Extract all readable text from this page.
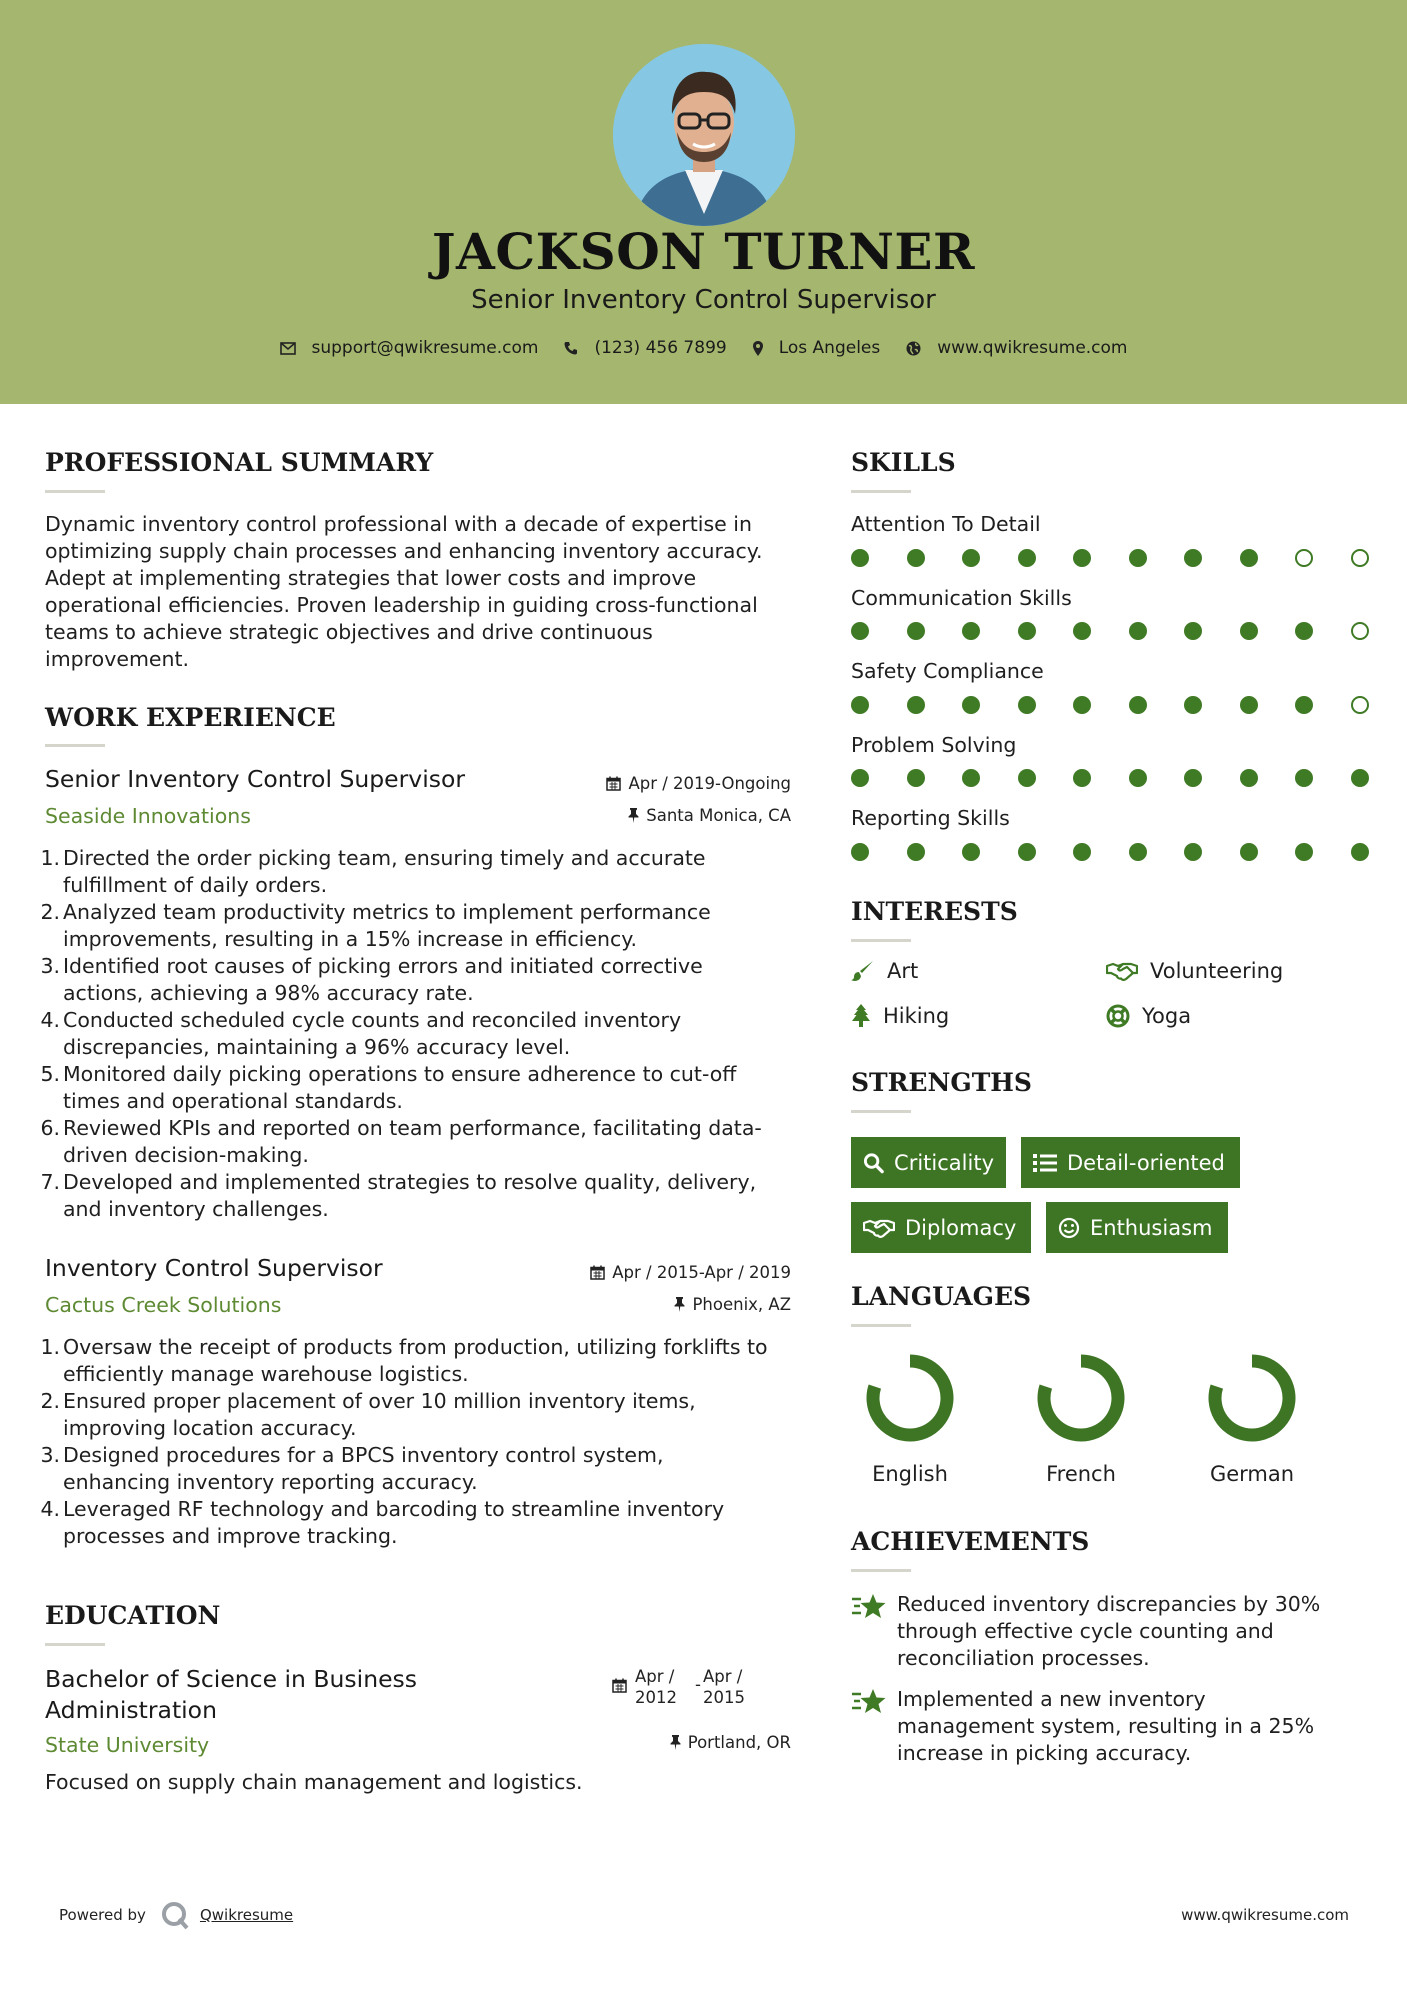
JACKSON TURNER
Senior Inventory Control Supervisor
support@qwikresume.com	(123) 456 7899	Los Angeles	www.qwikresume.com
PROFESSIONAL SUMMARY
Dynamic inventory control professional with a decade of expertise in
optimizing supply chain processes and enhancing inventory accuracy.
Adept at implementing strategies that lower costs and improve
operational efficiencies. Proven leadership in guiding cross-functional
teams to achieve strategic objectives and drive continuous
improvement.
WORK EXPERIENCE
Senior Inventory Control Supervisor	Apr / 2019-Ongoing
Seaside Innovations	Santa Monica, CA
1. Directed the order picking team, ensuring timely and accurate
fulfillment of daily orders.
2. Analyzed team productivity metrics to implement performance
improvements, resulting in a 15% increase in efficiency.
3. Identified root causes of picking errors and initiated corrective
actions, achieving a 98% accuracy rate.
4. Conducted scheduled cycle counts and reconciled inventory
discrepancies, maintaining a 96% accuracy level.
5. Monitored daily picking operations to ensure adherence to cut-off
times and operational standards.
6. Reviewed KPIs and reported on team performance, facilitating data-
driven decision-making.
7. Developed and implemented strategies to resolve quality, delivery,
and inventory challenges.
Inventory Control Supervisor	Apr / 2015-Apr / 2019
Cactus Creek Solutions	Phoenix, AZ
1. Oversaw the receipt of products from production, utilizing forklifts to
efficiently manage warehouse logistics.
2. Ensured proper placement of over 10 million inventory items,
improving location accuracy.
3. Designed procedures for a BPCS inventory control system,
enhancing inventory reporting accuracy.
4. Leveraged RF technology and barcoding to streamline inventory
processes and improve tracking.
EDUCATION
Bachelor of Science in Business
Administration
Apr /
2012
- Apr /
2015
State University	Portland, OR
Focused on supply chain management and logistics.
SKILLS
Attention To Detail
Communication Skills
Safety Compliance
Problem Solving
Reporting Skills
INTERESTS
Art	Volunteering
Hiking	Yoga
STRENGTHS
Criticality	Detail-oriented
Diplomacy	Enthusiasm
LANGUAGES
English	French	German
ACHIEVEMENTS
Reduced inventory discrepancies by 30%
through effective cycle counting and
reconciliation processes.
Implemented a new inventory
management system, resulting in a 25%
increase in picking accuracy.
Powered by	Qwikresume	www.qwikresume.com
